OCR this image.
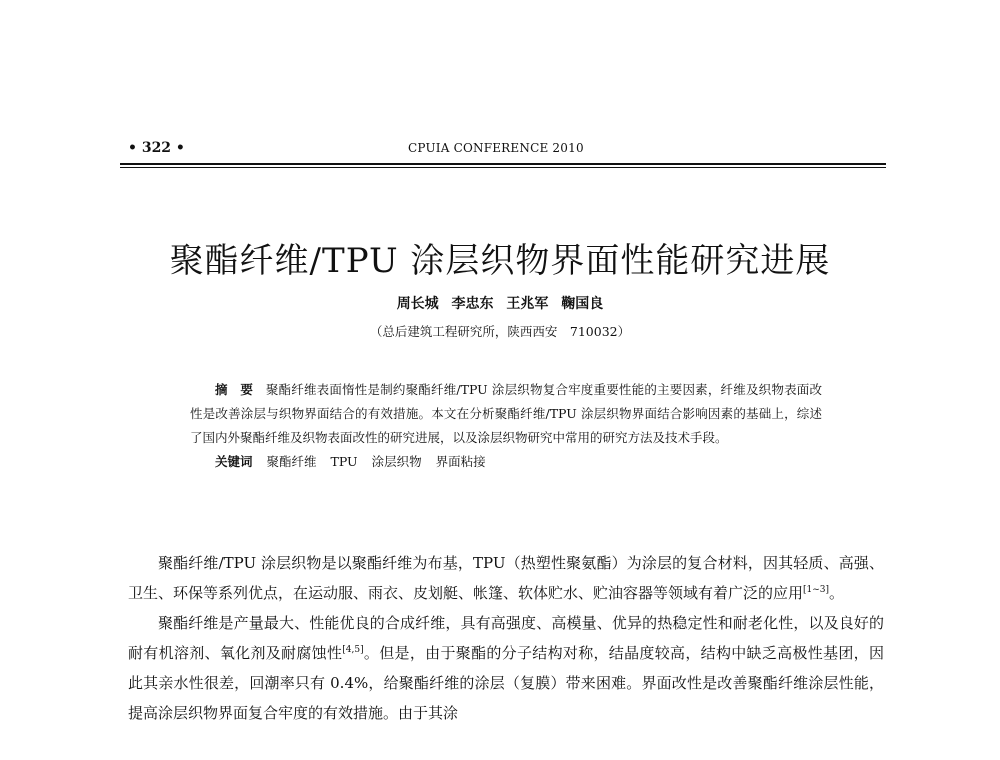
• 322 •	CPUIA CONFERENCE 2010
聚酯纤维/TPU 涂层织物界面性能研究进展
周长城 李忠东 王兆军 鞠国良
（总后建筑工程研究所，陕西西安　710032）

摘　要　 聚酯纤维表面惰性是制约聚酯纤维/TPU 涂层织物复合牢度重要性能的主要因素，纤维及织物表面改性是改善涂层与织物界面结合的有效措施。本文在分析聚酯纤维/TPU 涂层织物界面结合影响因素的基础上，综述了国内外聚酯纤维及织物表面改性的研究进展，以及涂层织物研究中常用的研究方法及技术手段。

关键词 聚酯纤维 TPU 涂层织物 界面粘接

聚酯纤维/TPU 涂层织物是以聚酯纤维为布基，TPU（热塑性聚氨酯）为涂层的复合材料，因其轻质、高强、卫生、环保等系列优点，在运动服、雨衣、皮划艇、帐篷、软体贮水、贮油容器等领域有着广泛的应用[1~3]。

聚酯纤维是产量最大、性能优良的合成纤维，具有高强度、高模量、优异的热稳定性和耐老化性，以及良好的耐有机溶剂、氧化剂及耐腐蚀性[4,5]。但是，由于聚酯的分子结构对称，结晶度较高，结构中缺乏高极性基团，因此其亲水性很差，回潮率只有 0.4%，给聚酯纤维的涂层（复膜）带来困难。界面改性是改善聚酯纤维涂层性能，提高涂层织物界面复合牢度的有效措施。由于其涂
